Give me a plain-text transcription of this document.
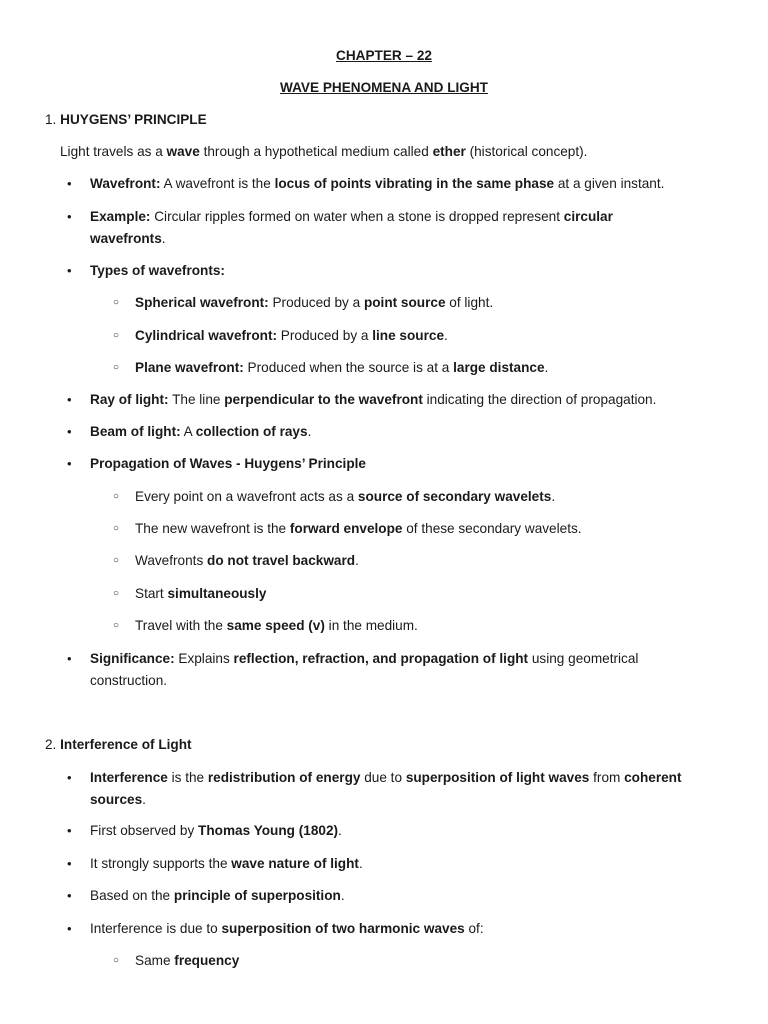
CHAPTER – 22
WAVE PHENOMENA AND LIGHT
1. HUYGENS’ PRINCIPLE
Light travels as a wave through a hypothetical medium called ether (historical concept).
• Wavefront: A wavefront is the locus of points vibrating in the same phase at a given instant.
• Example: Circular ripples formed on water when a stone is dropped represent circular
wavefronts.
• Types of wavefronts:
○ Spherical wavefront: Produced by a point source of light.
○ Cylindrical wavefront: Produced by a line source.
○ Plane wavefront: Produced when the source is at a large distance.
• Ray of light: The line perpendicular to the wavefront indicating the direction of propagation.
• Beam of light: A collection of rays.
• Propagation of Waves - Huygens’ Principle
○ Every point on a wavefront acts as a source of secondary wavelets.
○ The new wavefront is the forward envelope of these secondary wavelets.
○ Wavefronts do not travel backward.
○ Start simultaneously
○ Travel with the same speed (v) in the medium.
• Significance: Explains reflection, refraction, and propagation of light using geometrical
construction.
2. Interference of Light
• Interference is the redistribution of energy due to superposition of light waves from coherent
sources.
• First observed by Thomas Young (1802).
• It strongly supports the wave nature of light.
• Based on the principle of superposition.
• Interference is due to superposition of two harmonic waves of:
○ Same frequency
